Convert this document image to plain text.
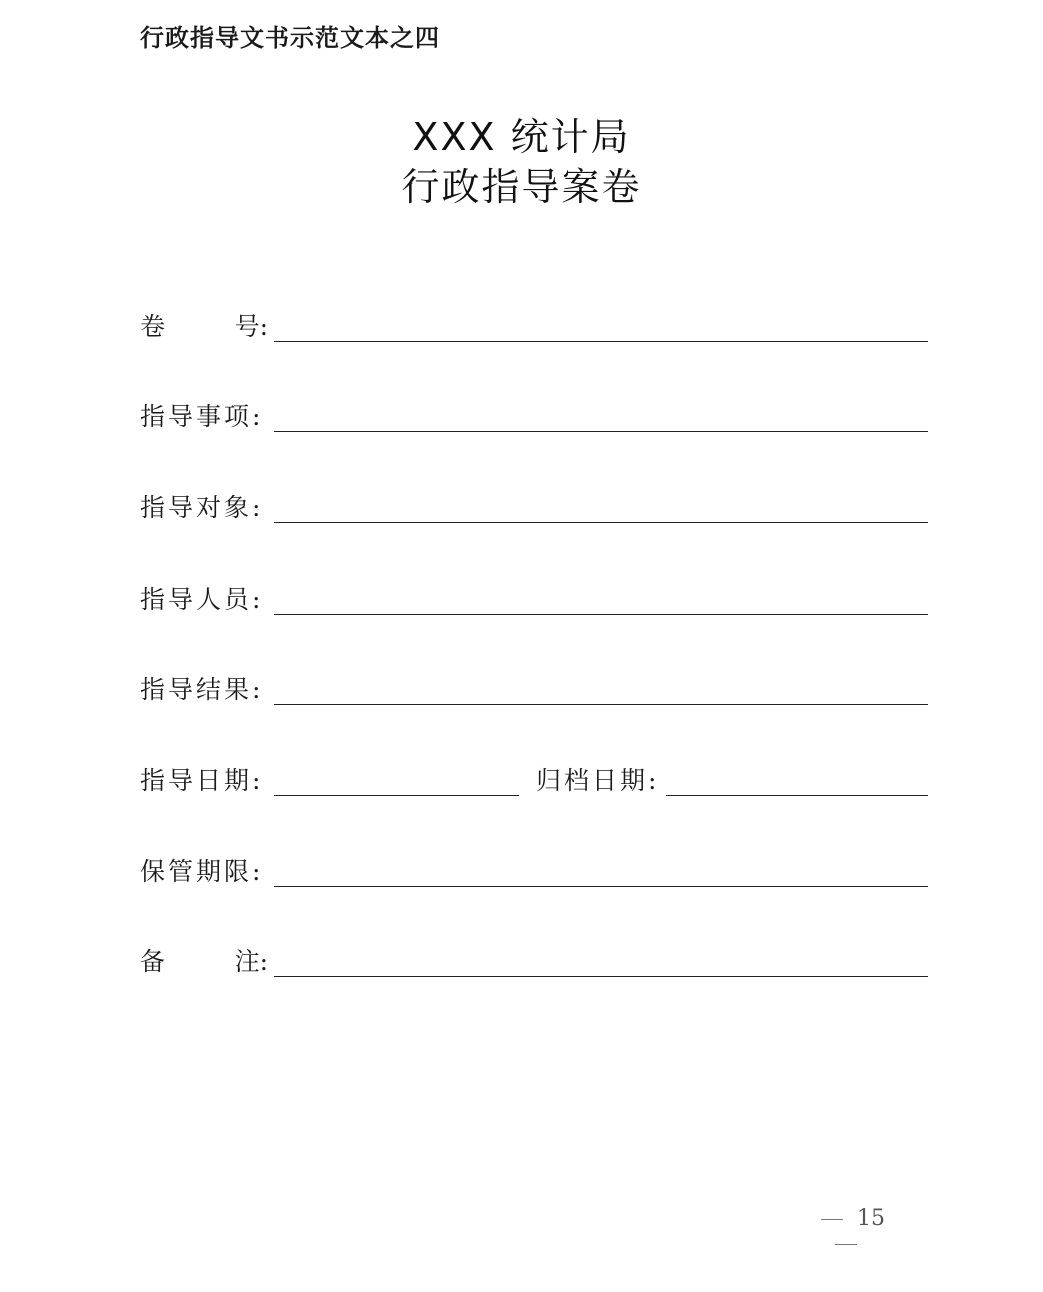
行政指导文书示范文本之四
XXX 统计局
行政指导案卷
卷	号:
指导事项:
指导对象:
指导人员:
指导结果:
指导日期:	归档日期:
保管期限:
备	注:
15
